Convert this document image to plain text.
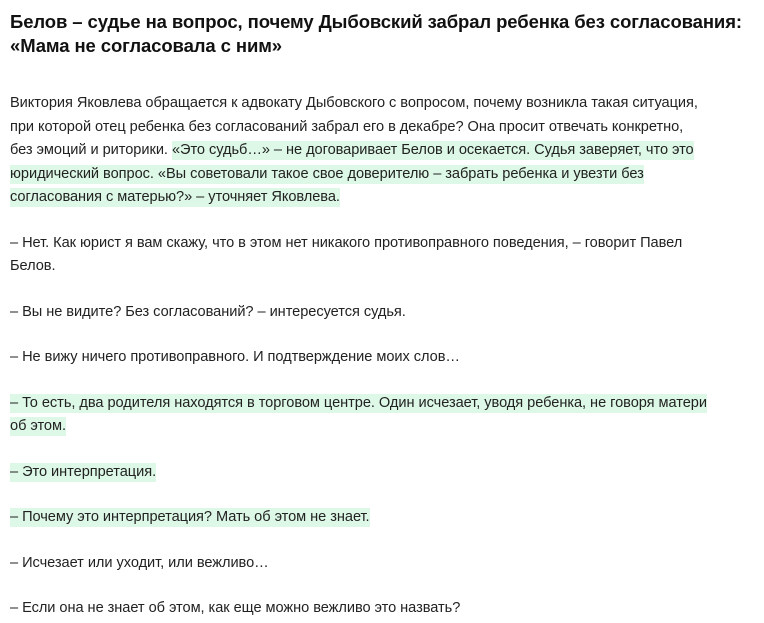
Белов – судье на вопрос, почему Дыбовский забрал ребенка без согласования:
«Мама не согласовала с ним»

Виктория Яковлева обращается к адвокату Дыбовского с вопросом, почему возникла такая ситуация,
при которой отец ребенка без согласований забрал его в декабре? Она просит отвечать конкретно,
без эмоций и риторики. «Это судьб…» – не договаривает Белов и осекается. Судья заверяет, что это
юридический вопрос. «Вы советовали такое свое доверителю – забрать ребенка и увезти без
согласования с матерью?» – уточняет Яковлева.

– Нет. Как юрист я вам скажу, что в этом нет никакого противоправного поведения, – говорит Павел
Белов.

– Вы не видите? Без согласований? – интересуется судья.

– Не вижу ничего противоправного. И подтверждение моих слов…

– То есть, два родителя находятся в торговом центре. Один исчезает, уводя ребенка, не говоря матери
об этом.

– Это интерпретация.

– Почему это интерпретация? Мать об этом не знает.

– Исчезает или уходит, или вежливо…

– Если она не знает об этом, как еще можно вежливо это назвать?
